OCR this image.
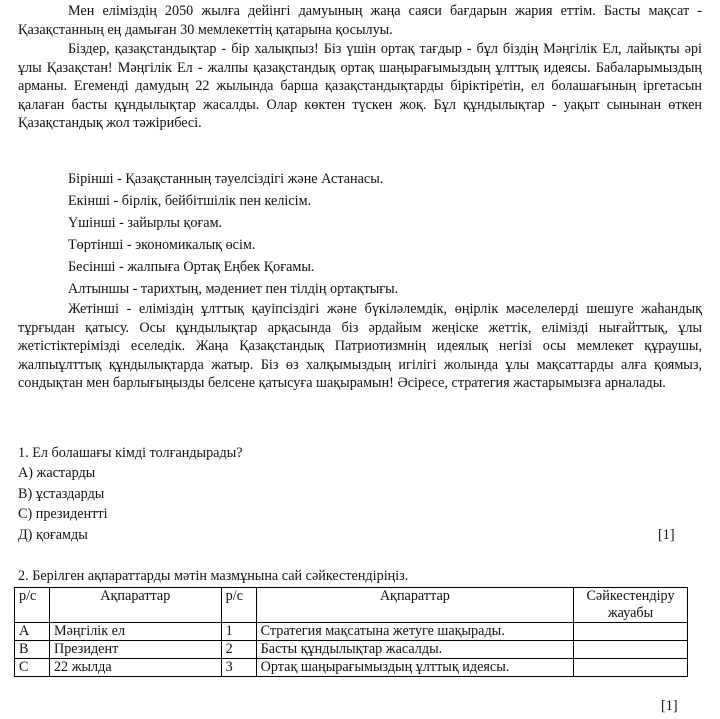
Мен еліміздің 2050 жылға дейінгі дамуының жаңа саяси бағдарын жария еттім. Басты мақсат - Қазақстанның ең дамыған 30 мемлекеттің қатарына қосылуы.
Біздер, қазақстандықтар - бір халықпыз! Біз үшін ортақ тағдыр - бұл біздің Мәңгілік Ел, лайықты әрі ұлы Қазақстан! Мәңгілік Ел - жалпы қазақстандық ортақ шаңырағымыздың ұлттық идеясы. Бабаларымыздың арманы. Егемендi дамудың 22 жылында барша қазақстандықтарды біріктіретін, ел болашағының іргетасын қалаған басты құндылықтар жасалды. Олар көктен түскен жоқ. Бұл құндылықтар - уақыт сынынан өткен Қазақстандық жол тәжірибесі.
Бірінші - Қазақстанның тәуелсіздігі және Астанасы.
Екінші - бірлік, бейбітшілік пен келісім.
Үшінші - зайырлы қоғам.
Төртінші - экономикалық өсім.
Бесінші - жалпыға Ортақ Еңбек Қоғамы.
Алтыншы - тарихтың, мәдениет пен тілдің ортақтығы.
Жетінші - еліміздің ұлттық қауіпсіздігі және бүкіләлемдік, өңірлік мәселелерді шешуге жаһандық тұрғыдан қатысу. Осы құндылықтар арқасында біз әрдайым жеңіске жеттік, елімізді нығайттық, ұлы жетістіктерімізді еселедік. Жаңа Қазақстандық Патриотизмнің идеялық негізі осы мемлекет құраушы, жалпыұлттық құндылықтарда жатыр. Біз өз халқымыздың игілігі жолында ұлы мақсаттарды алға қоямыз, сондықтан мен барлығыңызды белсене қатысуға шақырамын! Әсіресе, стратегия жастарымызға арналады.
1. Ел болашағы кімді толғандырады?
А) жастарды
В) ұстаздарды
С) президентті
Д) қоғамды	[1]
2. Берілген ақпараттарды мәтін мазмұнына сай сәйкестендіріңіз.
р/с	Ақпараттар	р/с	Ақпараттар	Сәйкестендіру жауабы
А	Мәңгілік ел	1	Стратегия мақсатына жетуге шақырады.	
В	Президент	2	Басты құндылықтар жасалды.	
С	22 жылда	3	Ортақ шаңырағымыздың ұлттық идеясы.	
[1]
